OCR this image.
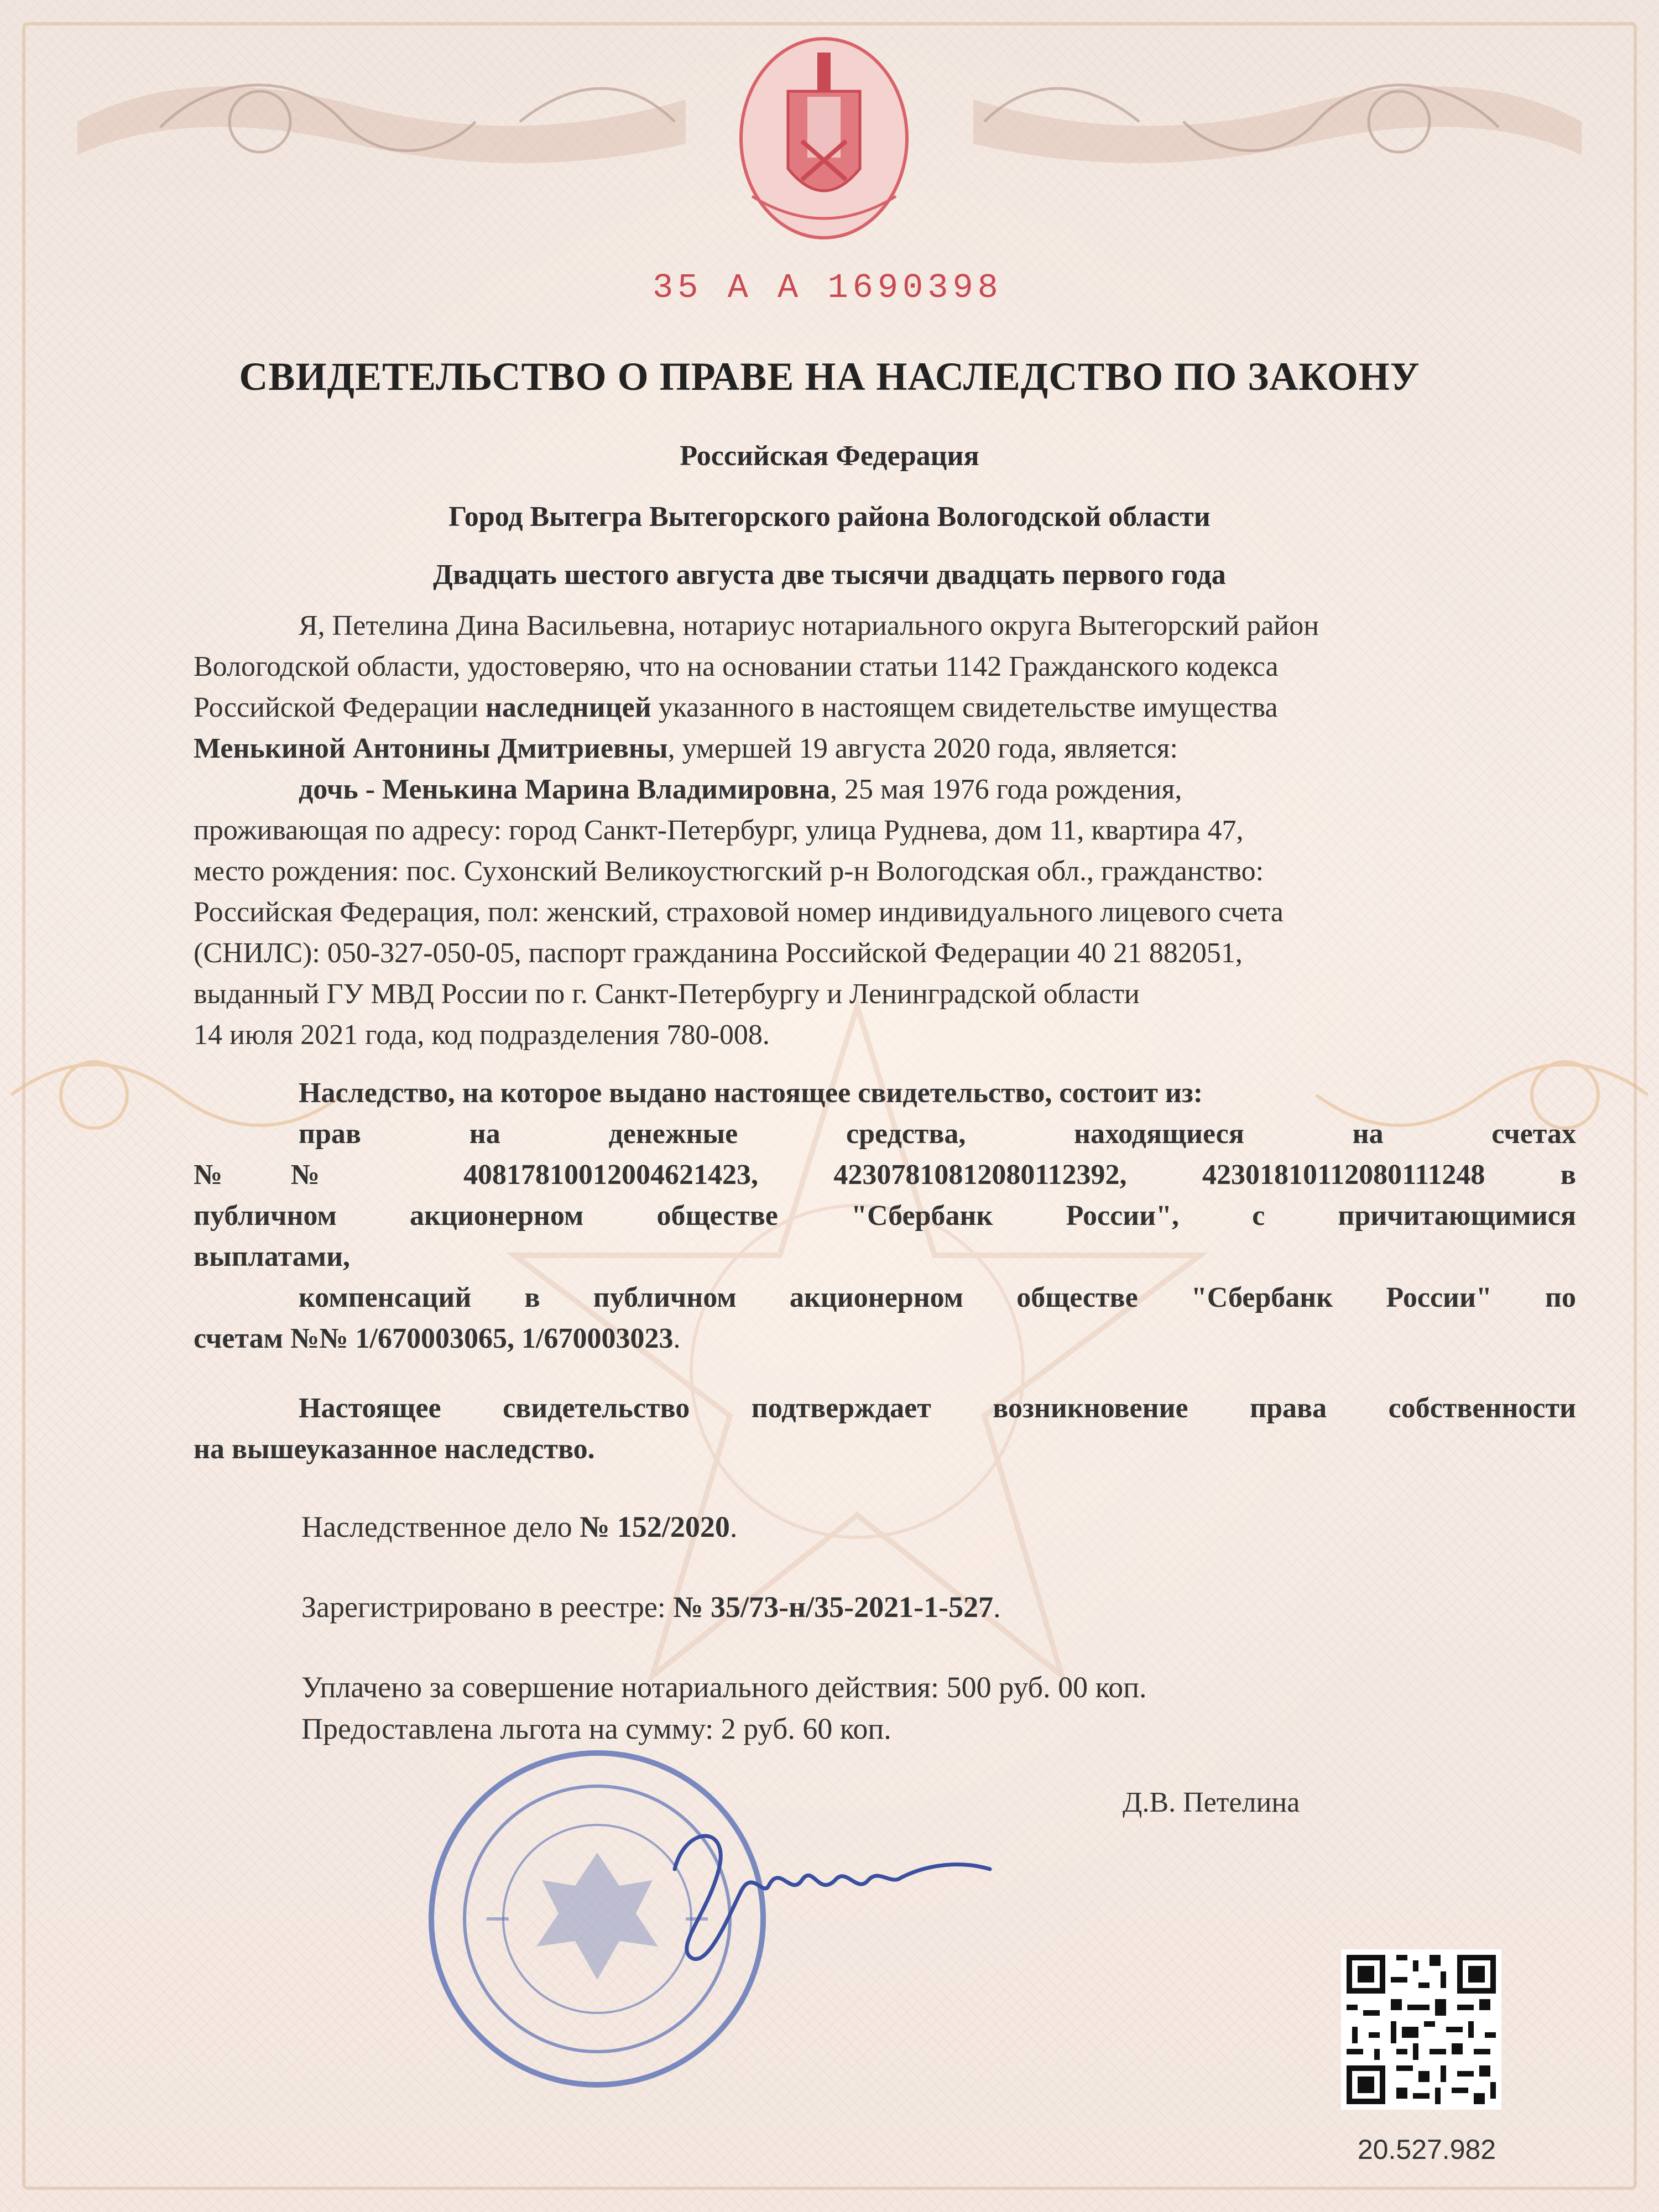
35 А А 1690398
СВИДЕТЕЛЬСТВО О ПРАВЕ НА НАСЛЕДСТВО ПО ЗАКОНУ
Российская Федерация
Город Вытегра Вытегорского района Вологодской области
Двадцать шестого августа две тысячи двадцать первого года

Я, Петелина Дина Васильевна, нотариус нотариального округа Вытегорский район

Вологодской области, удостоверяю, что на основании статьи 1142 Гражданского кодекса

Российской Федерации наследницей указанного в настоящем свидетельстве имущества

Менькиной Антонины Дмитриевны, умершей 19 августа 2020 года, является:

дочь - Менькина Марина Владимировна, 25 мая 1976 года рождения,

проживающая по адресу: город Санкт-Петербург, улица Руднева, дом 11, квартира 47,

место рождения: пос. Сухонский Великоустюгский р-н Вологодская обл., гражданство:

Российская Федерация, пол: женский, страховой номер индивидуального лицевого счета

(СНИЛС): 050-327-050-05, паспорт гражданина Российской Федерации 40 21 882051,

выданный ГУ МВД России по г. Санкт-Петербургу и Ленинградской области

14 июля 2021 года, код подразделения 780-008.

Наследство, на которое выдано настоящее свидетельство, состоит из:

прав на денежные средства, находящиеся на счетах

№№ 40817810012004621423, 42307810812080112392, 42301810112080111248 в

публичном акционерном обществе "Сбербанк России", с причитающимися

выплатами,

компенсаций в публичном акционерном обществе "Сбербанк России" по

счетам №№ 1/670003065, 1/670003023.

Настоящее свидетельство подтверждает возникновение права собственности

на вышеуказанное наследство.

Наследственное дело № 152/2020.
Зарегистрировано в реестре: № 35/73-н/35-2021-1-527.
Уплачено за совершение нотариального действия: 500 руб. 00 коп.
Предоставлена льгота на сумму: 2 руб. 60 коп.
Д.В. Петелина
20.527.982
